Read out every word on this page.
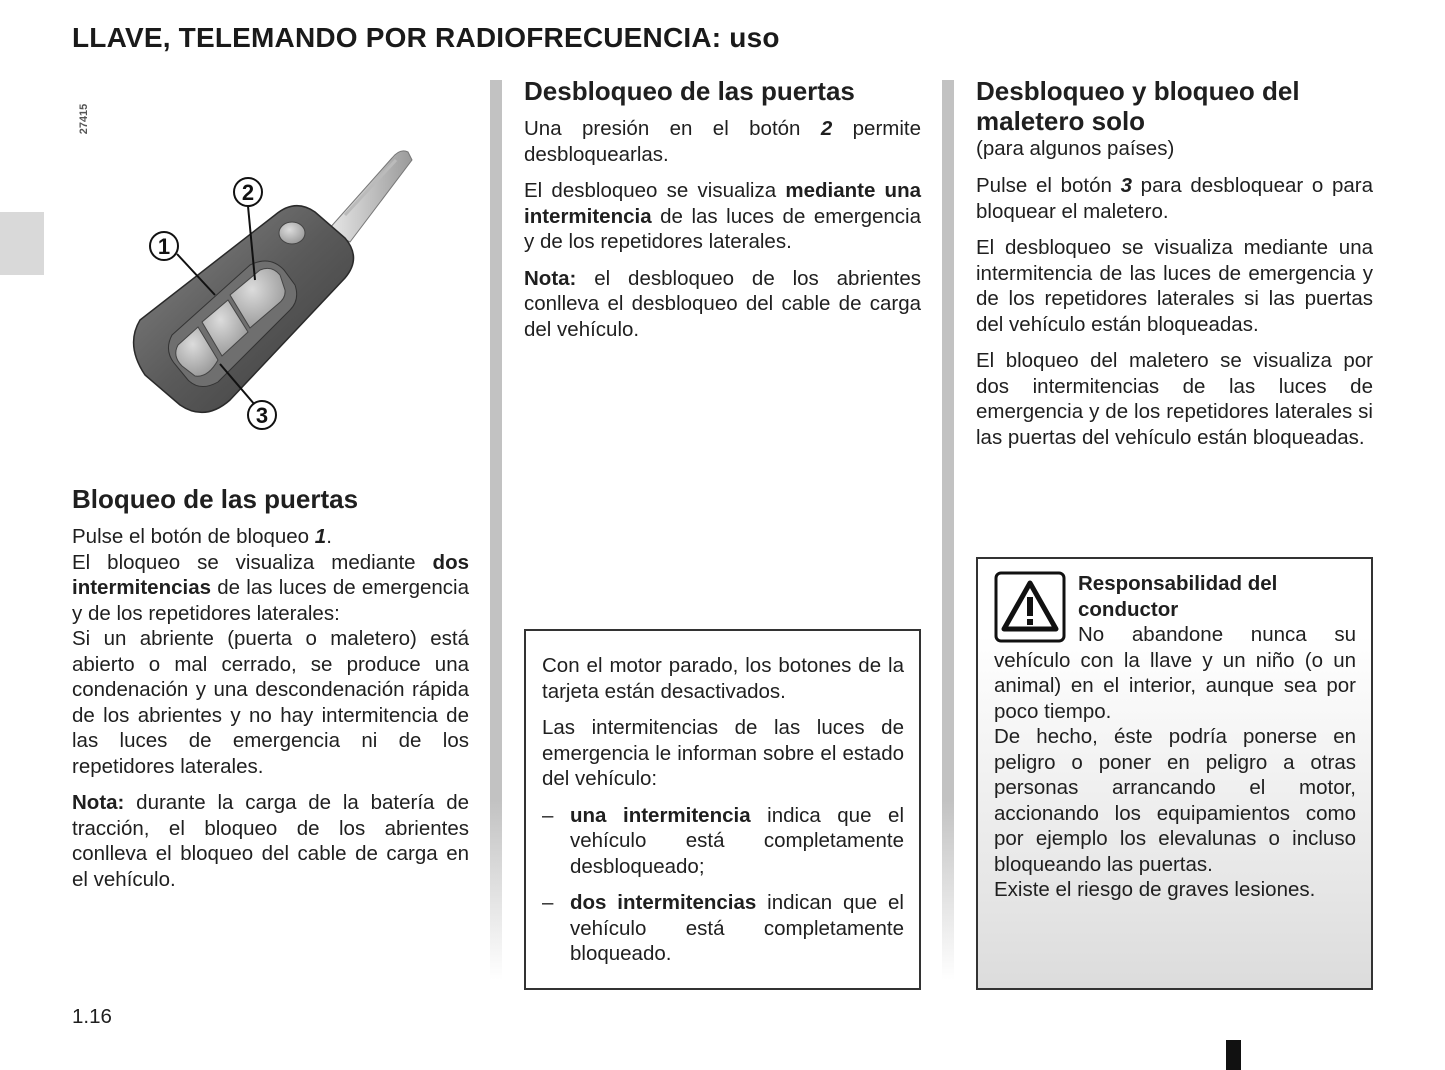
LLAVE, TELEMANDO POR RADIOFRECUENCIA: uso
27415
2
1
3
Bloqueo de las puertas
Pulse el botón de bloqueo 1.
El bloqueo se visualiza mediante dos intermitencias de las luces de emergencia y de los repetidores laterales:

Si un abriente (puerta o maletero) está abierto o mal cerrado, se produce una condenación y una descondenación rápida de los abrientes y no hay intermitencia de las luces de emergencia ni de los repetidores laterales.

Nota: durante la carga de la batería de tracción, el bloqueo de los abrientes conlleva el bloqueo del cable de carga en el vehículo.

Desbloqueo de las puertas

Una presión en el botón 2 permite desbloquearlas.

El desbloqueo se visualiza mediante una intermitencia de las luces de emergencia y de los repetidores laterales.

Nota: el desbloqueo de los abrientes conlleva el desbloqueo del cable de carga del vehículo.

Con el motor parado, los botones de la tarjeta están desactivados.

Las intermitencias de las luces de emergencia le informan sobre el estado del vehículo:

– una intermitencia indica que el vehículo está completamente desbloqueado;
– dos intermitencias indican que el vehículo está completamente bloqueado.
Desbloqueo y bloqueo del maletero solo
(para algunos países)

Pulse el botón 3 para desbloquear o para bloquear el maletero.

El desbloqueo se visualiza mediante una intermitencia de las luces de emergencia y de los repetidores laterales si las puertas del vehículo están bloqueadas.

El bloqueo del maletero se visualiza por dos intermitencias de las luces de emergencia y de los repetidores laterales si las puertas del vehículo están bloqueadas.

Responsabilidad del conductor
No abandone nunca su vehículo con la llave y un niño (o un animal) en el interior, aunque sea por poco tiempo.
De hecho, éste podría ponerse en peligro o poner en peligro a otras personas arrancando el motor, accionando los equipamientos como por ejemplo los elevalunas o incluso bloqueando las puertas.
Existe el riesgo de graves lesiones.
1.16
